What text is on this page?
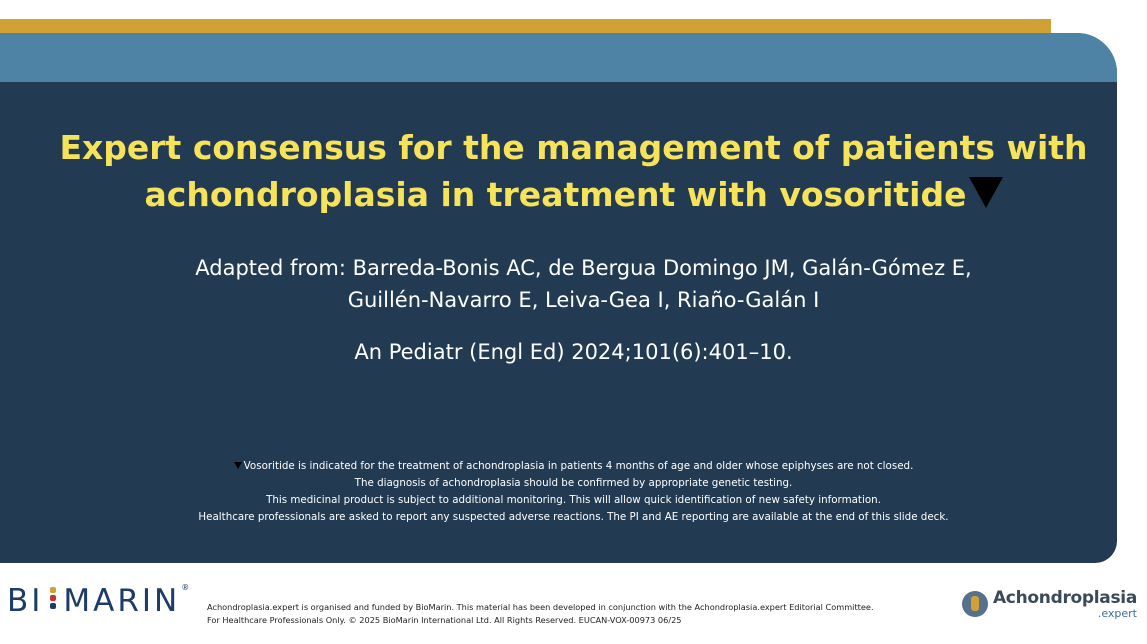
Expert consensus for the management of patients with achondroplasia in treatment with vosoritide
Adapted from: Barreda-Bonis AC, de Bergua Domingo JM, Galán-Gómez E,
Guillén-Navarro E, Leiva-Gea I, Riaño-Galán I
An Pediatr (Engl Ed) 2024;101(6):401–10.
Vosoritide is indicated for the treatment of achondroplasia in patients 4 months of age and older whose epiphyses are not closed.
The diagnosis of achondroplasia should be confirmed by appropriate genetic testing.
This medicinal product is subject to additional monitoring. This will allow quick identification of new safety information.
Healthcare professionals are asked to report any suspected adverse reactions. The PI and AE reporting are available at the end of this slide deck.
BI MARIN ®
Achondroplasia.expert is organised and funded by BioMarin. This material has been developed in conjunction with the Achondroplasia.expert Editorial Committee.
For Healthcare Professionals Only. © 2025 BioMarin International Ltd. All Rights Reserved. EUCAN-VOX-00973 06/25
Achondroplasia
.expert
